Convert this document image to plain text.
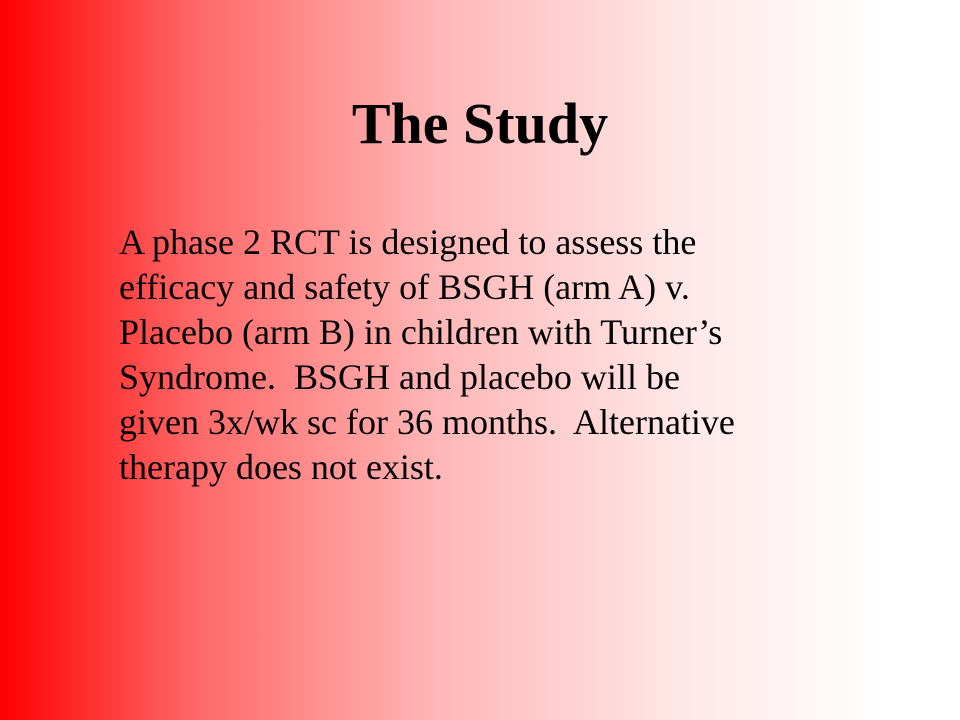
The Study
A phase 2 RCT is designed to assess the
efficacy and safety of BSGH (arm A) v.
Placebo (arm B) in children with Turner’s
Syndrome.  BSGH and placebo will be
given 3x/wk sc for 36 months.  Alternative
therapy does not exist.
